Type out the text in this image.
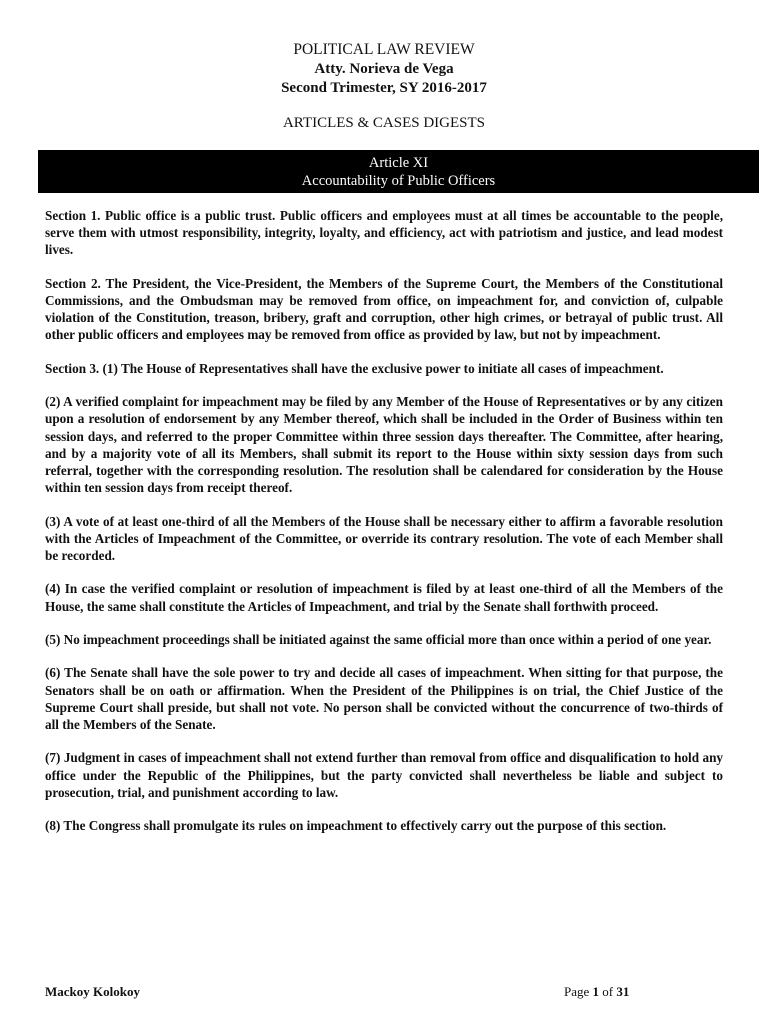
POLITICAL LAW REVIEW
Atty. Norieva de Vega
Second Trimester, SY 2016-2017
ARTICLES & CASES DIGESTS
Article XI
Accountability of Public Officers

Section 1. Public office is a public trust. Public officers and employees must at all times be accountable to the people, serve them with utmost responsibility, integrity, loyalty, and efficiency, act with patriotism and justice, and lead modest lives.

Section 2. The President, the Vice-President, the Members of the Supreme Court, the Members of the Constitutional Commissions, and the Ombudsman may be removed from office, on impeachment for, and conviction of, culpable violation of the Constitution, treason, bribery, graft and corruption, other high crimes, or betrayal of public trust. All other public officers and employees may be removed from office as provided by law, but not by impeachment.

Section 3. (1) The House of Representatives shall have the exclusive power to initiate all cases of impeachment.

(2) A verified complaint for impeachment may be filed by any Member of the House of Representatives or by any citizen upon a resolution of endorsement by any Member thereof, which shall be included in the Order of Business within ten session days, and referred to the proper Committee within three session days thereafter. The Committee, after hearing, and by a majority vote of all its Members, shall submit its report to the House within sixty session days from such referral, together with the corresponding resolution. The resolution shall be calendared for consideration by the House within ten session days from receipt thereof.

(3) A vote of at least one-third of all the Members of the House shall be necessary either to affirm a favorable resolution with the Articles of Impeachment of the Committee, or override its contrary resolution. The vote of each Member shall be recorded.

(4) In case the verified complaint or resolution of impeachment is filed by at least one-third of all the Members of the House, the same shall constitute the Articles of Impeachment, and trial by the Senate shall forthwith proceed.

(5) No impeachment proceedings shall be initiated against the same official more than once within a period of one year.

(6) The Senate shall have the sole power to try and decide all cases of impeachment. When sitting for that purpose, the Senators shall be on oath or affirmation. When the President of the Philippines is on trial, the Chief Justice of the Supreme Court shall preside, but shall not vote. No person shall be convicted without the concurrence of two-thirds of all the Members of the Senate.

(7) Judgment in cases of impeachment shall not extend further than removal from office and disqualification to hold any office under the Republic of the Philippines, but the party convicted shall nevertheless be liable and subject to prosecution, trial, and punishment according to law.

(8) The Congress shall promulgate its rules on impeachment to effectively carry out the purpose of this section.

Mackoy Kolokoy	Page 1 of 31
